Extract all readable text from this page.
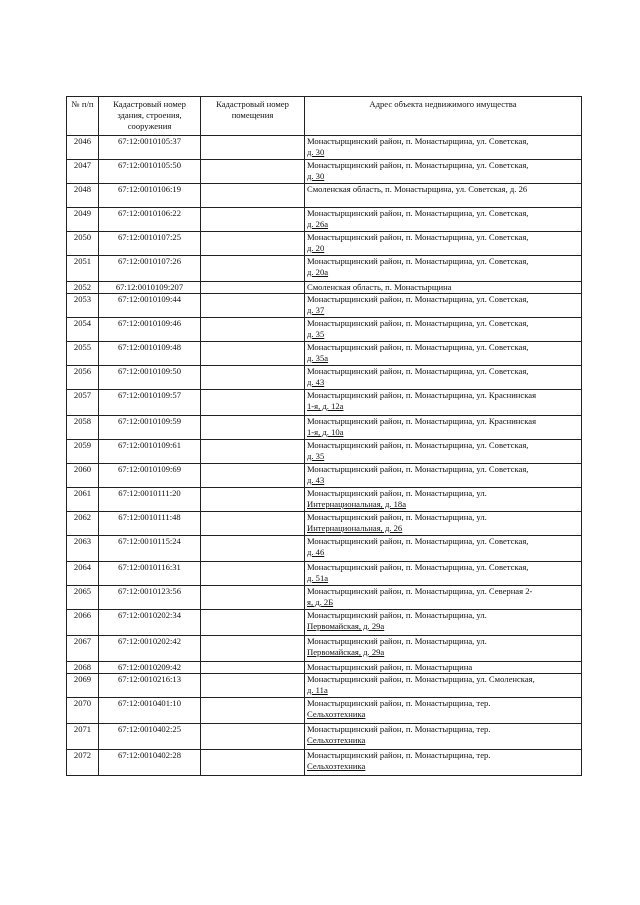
№ п/п	Кадастровый номер здания, строения, сооружения	Кадастровый номер помещения	Адрес объекта недвижимого имущества
2046	67:12:0010105:37		Монастырщинский район, п. Монастырщина, ул. Советская,
д. 30

2047	67:12:0010105:50		Монастырщинский район, п. Монастырщина, ул. Советская,
д. 30

2048	67:12:0010106:19		Смоленская область, п. Монастырщина, ул. Советская, д. 26

2049	67:12:0010106:22		Монастырщинский район, п. Монастырщина, ул. Советская,
д. 26а

2050	67:12:0010107:25		Монастырщинский район, п. Монастырщина, ул. Советская,
д. 20

2051	67:12:0010107:26		Монастырщинский район, п. Монастырщина, ул. Советская,
д. 20а

2052	67:12:0010109:207		Смоленская область, п. Монастырщина

2053	67:12:0010109:44		Монастырщинский район, п. Монастырщина, ул. Советская,
д. 37

2054	67:12:0010109:46		Монастырщинский район, п. Монастырщина, ул. Советская,
д. 35

2055	67:12:0010109:48		Монастырщинский район, п. Монастырщина, ул. Советская,
д. 35а

2056	67:12:0010109:50		Монастырщинский район, п. Монастырщина, ул. Советская,
д. 43

2057	67:12:0010109:57		Монастырщинский район, п. Монастырщина, ул. Краснинская
1-я, д. 12а

2058	67:12:0010109:59		Монастырщинский район, п. Монастырщина, ул. Краснинская
1-я, д. 10а

2059	67:12:0010109:61		Монастырщинский район, п. Монастырщина, ул. Советская,
д. 35

2060	67:12:0010109:69		Монастырщинский район, п. Монастырщина, ул. Советская,
д. 43

2061	67:12:0010111:20		Монастырщинский район, п. Монастырщина, ул.
Интернациональная, д. 18а

2062	67:12:0010111:48		Монастырщинский район, п. Монастырщина, ул.
Интернациональная, д. 26

2063	67:12:0010115:24		Монастырщинский район, п. Монастырщина, ул. Советская,
д. 46

2064	67:12:0010116:31		Монастырщинский район, п. Монастырщина, ул. Советская,
д. 51а

2065	67:12:0010123:56		Монастырщинский район, п. Монастырщина, ул. Северная 2-
я, д. 2Б

2066	67:12:0010202:34		Монастырщинский район, п. Монастырщина, ул.
Первомайская, д. 29а

2067	67:12:0010202:42		Монастырщинский район, п. Монастырщина, ул.
Первомайская, д. 29а

2068	67:12:0010209:42		Монастырщинский район, п. Монастырщина

2069	67:12:0010216:13		Монастырщинский район, п. Монастырщина, ул. Смоленская,
д. 11а

2070	67:12:0010401:10		Монастырщинский район, п. Монастырщина, тер.
Сельхозтехника

2071	67:12:0010402:25		Монастырщинский район, п. Монастырщина, тер.
Сельхозтехника

2072	67:12:0010402:28		Монастырщинский район, п. Монастырщина, тер.
Сельхозтехника
